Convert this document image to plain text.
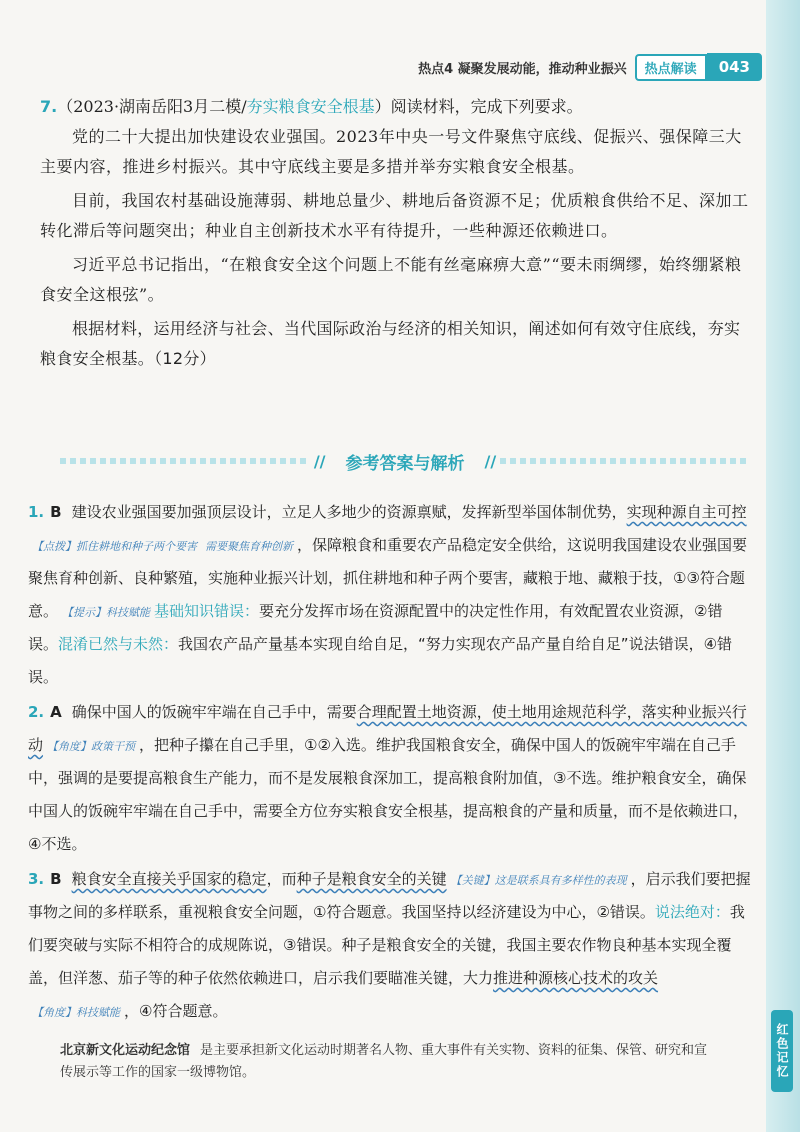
红色记忆
热点4 凝聚发展动能，推动种业振兴	热点解读	043

7.（2023·湖南岳阳3月二模/夯实粮食安全根基）阅读材料，完成下列要求。

党的二十大提出加快建设农业强国。2023年中央一号文件聚焦守底线、促振兴、强保障三大主要内容，推进乡村振兴。其中守底线主要是多措并举夯实粮食安全根基。

目前，我国农村基础设施薄弱、耕地总量少、耕地后备资源不足；优质粮食供给不足、深加工转化滞后等问题突出；种业自主创新技术水平有待提升，一些种源还依赖进口。

习近平总书记指出，“在粮食安全这个问题上不能有丝毫麻痹大意”“要未雨绸缪，始终绷紧粮食安全这根弦”。

根据材料，运用经济与社会、当代国际政治与经济的相关知识，阐述如何有效守住底线，夯实粮食安全根基。（12分）

// 参考答案与解析 //

1. B 建设农业强国要加强顶层设计，立足人多地少的资源禀赋，发挥新型举国体制优势，实现种源自主可控【点拨】抓住耕地和种子两个要害 需要聚焦育种创新 ，保障粮食和重要农产品稳定安全供给，这说明我国建设农业强国要聚焦育种创新、良种繁殖，实施种业振兴计划，抓住耕地和种子两个要害，藏粮于地、藏粮于技，①③符合题意。 【提示】科技赋能 基础知识错误：要充分发挥市场在资源配置中的决定性作用，有效配置农业资源，②错误。混淆已然与未然：我国农产品产量基本实现自给自足，“努力实现农产品产量自给自足”说法错误，④错误。

2. A 确保中国人的饭碗牢牢端在自己手中，需要合理配置土地资源，使土地用途规范科学，落实种业振兴行动 【角度】政策干预 ，把种子攥在自己手里，①②入选。维护我国粮食安全，确保中国人的饭碗牢牢端在自己手中，强调的是要提高粮食生产能力，而不是发展粮食深加工，提高粮食附加值，③不选。维护粮食安全，确保中国人的饭碗牢牢端在自己手中，需要全方位夯实粮食安全根基，提高粮食的产量和质量，而不是依赖进口，④不选。

3. B 粮食安全直接关乎国家的稳定，而种子是粮食安全的关键 【关键】这是联系具有多样性的表现 ，启示我们要把握事物之间的多样联系，重视粮食安全问题，①符合题意。我国坚持以经济建设为中心，②错误。说法绝对：我们要突破与实际不相符合的成规陈说，③错误。种子是粮食安全的关键，我国主要农作物良种基本实现全覆盖，但洋葱、茄子等的种子依然依赖进口，启示我们要瞄准关键，大力推进种源核心技术的攻关【角度】科技赋能 ，④符合题意。

北京新文化运动纪念馆 是主要承担新文化运动时期著名人物、重大事件有关实物、资料的征集、保管、研究和宣传展示等工作的国家一级博物馆。
